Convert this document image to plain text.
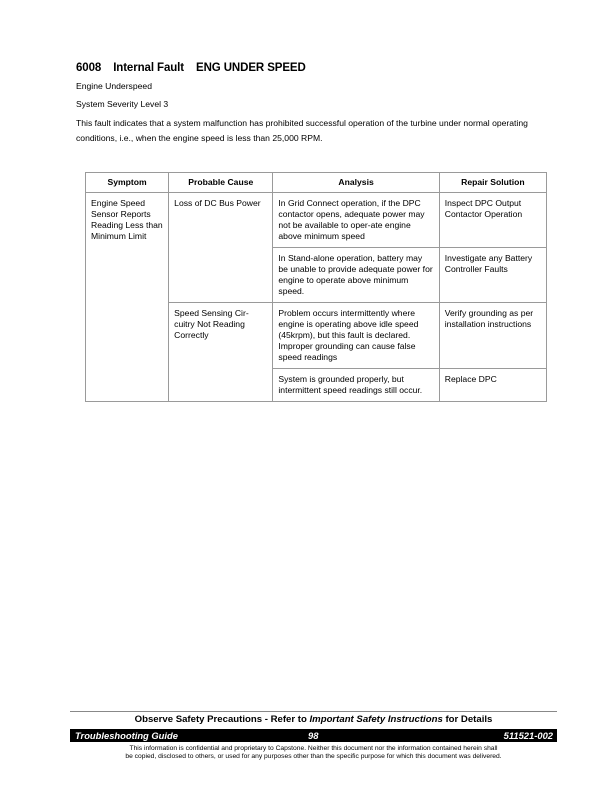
6008 Internal Fault ENG UNDER SPEED
Engine Underspeed
System Severity Level 3
This fault indicates that a system malfunction has prohibited successful operation of the turbine under normal operating conditions, i.e., when the engine speed is less than 25,000 RPM.
Symptom	Probable Cause	Analysis	Repair Solution
Engine Speed Sensor Reports Reading Less than Minimum Limit	Loss of DC Bus Power	In Grid Connect operation, if the DPC contactor opens, adequate power may not be available to oper-ate engine above minimum speed	Inspect DPC Output Contactor Operation
		In Stand-alone operation, battery may be unable to provide adequate power for engine to operate above minimum speed.	Investigate any Battery Controller Faults
	Speed Sensing Cir-cuitry Not Reading Correctly	Problem occurs intermittently where engine is operating above idle speed (45krpm), but this fault is declared. Improper grounding can cause false speed readings	Verify grounding as per installation instructions
		System is grounded properly, but intermittent speed readings still occur.	Replace DPC
Observe Safety Precautions - Refer to Important Safety Instructions for Details
Troubleshooting Guide	98	511521-002
This information is confidential and proprietary to Capstone. Neither this document nor the information contained herein shall
be copied, disclosed to others, or used for any purposes other than the specific purpose for which this document was delivered.
